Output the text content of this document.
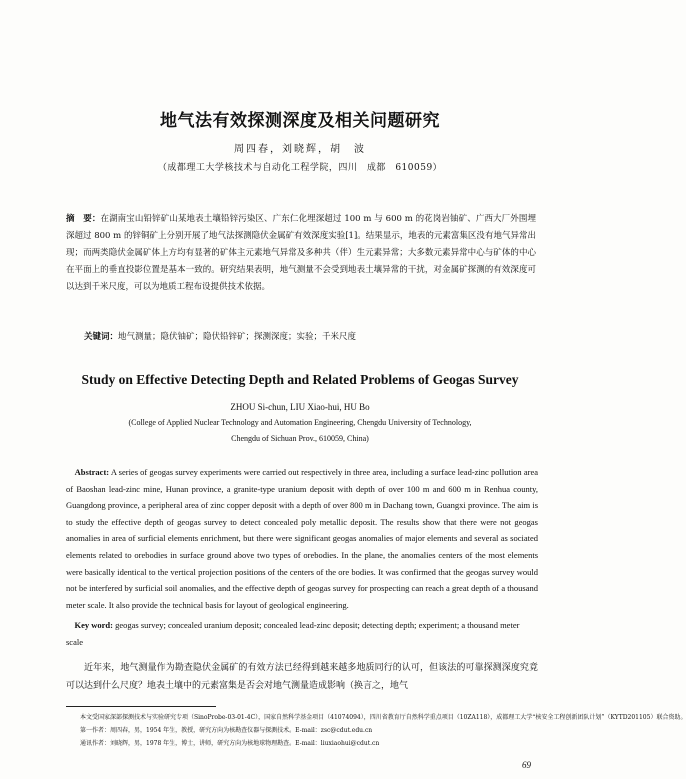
地气法有效探测深度及相关问题研究
周四春，刘晓辉，胡　波
（成都理工大学核技术与自动化工程学院，四川　成都　610059）
摘　要：在湖南宝山铅锌矿山某地表土壤铅锌污染区、广东仁化埋深超过 100 m 与 600 m 的花岗岩铀矿、广西大厂外围埋深超过 800 m 的锌铜矿上分别开展了地气法探测隐伏金属矿有效深度实验[1]。结果显示，地表的元素富集区没有地气异常出现；而两类隐伏金属矿体上方均有显著的矿体主元素地气异常及多种共（伴）生元素异常；大多数元素异常中心与矿体的中心在平面上的垂直投影位置是基本一致的。研究结果表明，地气测量不会受到地表土壤异常的干扰，对金属矿探测的有效深度可以达到千米尺度，可以为地质工程布设提供技术依据。
关键词：地气测量；隐伏铀矿；隐伏铅锌矿；探测深度；实验；千米尺度
Study on Effective Detecting Depth and Related Problems of Geogas Survey
ZHOU Si-chun, LIU Xiao-hui, HU Bo
(College of Applied Nuclear Technology and Automation Engineering, Chengdu University of Technology,
Chengdu of Sichuan Prov., 610059, China)
Abstract: A series of geogas survey experiments were carried out respectively in three area, including a surface lead-zinc pollution area of Baoshan lead-zinc mine, Hunan province, a granite-type uranium deposit with depth of over 100 m and 600 m in Renhua county, Guangdong province, a peripheral area of zinc copper deposit with a depth of over 800 m in Dachang town, Guangxi province. The aim is to study the effective depth of geogas survey to detect concealed poly metallic deposit. The results show that there were not geogas anomalies in area of surficial elements enrichment, but there were significant geogas anomalies of major elements and several as sociated elements related to orebodies in surface ground above two types of orebodies. In the plane, the anomalies centers of the most elements were basically identical to the vertical projection positions of the centers of the ore bodies. It was confirmed that the geogas survey would not be interfered by surficial soil anomalies, and the effective depth of geogas survey for prospecting can reach a great depth of a thousand meter scale. It also provide the technical basis for layout of geological engineering.
Key word: geogas survey; concealed uranium deposit; concealed lead-zinc deposit; detecting depth; experiment; a thousand meter scale
近年来，地气测量作为勘查隐伏金属矿的有效方法已经得到越来越多地质同行的认可，但该法的可靠探测深度究竟可以达到什么尺度？地表土壤中的元素富集是否会对地气测量造成影响（换言之，地气
本文受国家深部探测技术与实验研究专项（SinoProbe-03-01-4C），国家自然科学基金项目（41074094），四川省教育厅自然科学重点项目（10ZA118），成都理工大学“核安全工程创新团队计划”（KYTD201105）联合资助。
第一作者：周四春，男，1954 年生，教授，研究方向为核勘查仪器与探测技术。E-mail：zsc@cdut.edu.cn
通讯作者：刘晓辉，男，1978 年生，博士，讲师，研究方向为核地球物理勘查。E-mail：liuxiaohui@cdut.cn
69
